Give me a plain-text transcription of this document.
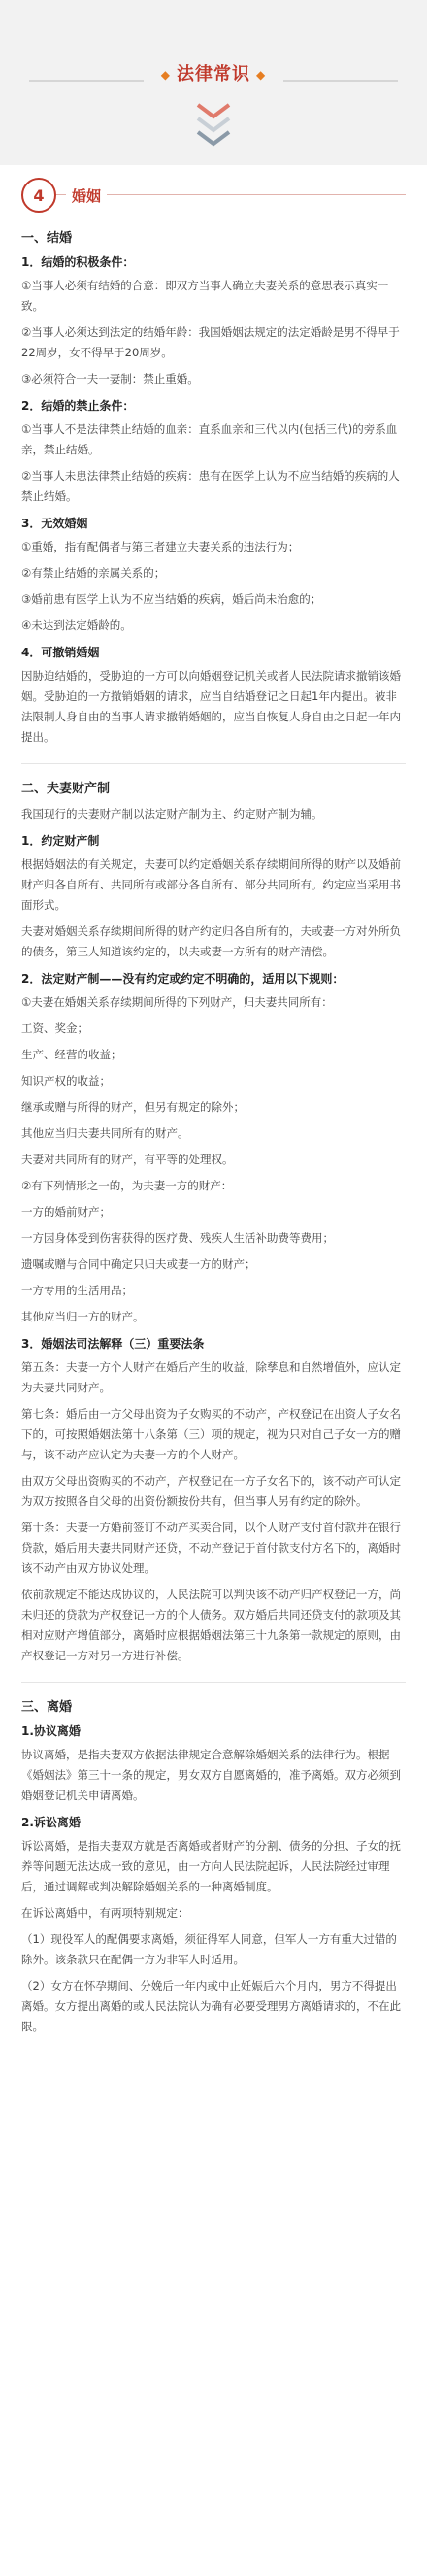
◆ 法律常识 ◆
4	婚姻
一、结婚
1．结婚的积极条件：

①当事人必须有结婚的合意：即双方当事人确立夫妻关系的意思表示真实一致。

②当事人必须达到法定的结婚年龄：我国婚姻法规定的法定婚龄是男不得早于22周岁，女不得早于20周岁。

③必须符合一夫一妻制：禁止重婚。

2．结婚的禁止条件：

①当事人不是法律禁止结婚的血亲：直系血亲和三代以内(包括三代)的旁系血亲，禁止结婚。

②当事人未患法律禁止结婚的疾病：患有在医学上认为不应当结婚的疾病的人禁止结婚。

3．无效婚姻

①重婚，指有配偶者与第三者建立夫妻关系的违法行为；

②有禁止结婚的亲属关系的；

③婚前患有医学上认为不应当结婚的疾病，婚后尚未治愈的；

④未达到法定婚龄的。

4．可撤销婚姻

因胁迫结婚的，受胁迫的一方可以向婚姻登记机关或者人民法院请求撤销该婚姻。受胁迫的一方撤销婚姻的请求，应当自结婚登记之日起1年内提出。被非法限制人身自由的当事人请求撤销婚姻的，应当自恢复人身自由之日起一年内提出。

二、夫妻财产制

我国现行的夫妻财产制以法定财产制为主、约定财产制为辅。

1．约定财产制

根据婚姻法的有关规定，夫妻可以约定婚姻关系存续期间所得的财产以及婚前财产归各自所有、共同所有或部分各自所有、部分共同所有。约定应当采用书面形式。

夫妻对婚姻关系存续期间所得的财产约定归各自所有的，夫或妻一方对外所负的债务，第三人知道该约定的，以夫或妻一方所有的财产清偿。

2．法定财产制——没有约定或约定不明确的，适用以下规则：

①夫妻在婚姻关系存续期间所得的下列财产，归夫妻共同所有：

工资、奖金；

生产、经营的收益；

知识产权的收益；

继承或赠与所得的财产，但另有规定的除外；

其他应当归夫妻共同所有的财产。

夫妻对共同所有的财产，有平等的处理权。

②有下列情形之一的，为夫妻一方的财产：

一方的婚前财产；

一方因身体受到伤害获得的医疗费、残疾人生活补助费等费用；

遗嘱或赠与合同中确定只归夫或妻一方的财产；

一方专用的生活用品；

其他应当归一方的财产。

3．婚姻法司法解释（三）重要法条

第五条：夫妻一方个人财产在婚后产生的收益，除孳息和自然增值外，应认定为夫妻共同财产。

第七条：婚后由一方父母出资为子女购买的不动产，产权登记在出资人子女名下的，可按照婚姻法第十八条第（三）项的规定，视为只对自己子女一方的赠与，该不动产应认定为夫妻一方的个人财产。

由双方父母出资购买的不动产，产权登记在一方子女名下的，该不动产可认定为双方按照各自父母的出资份额按份共有，但当事人另有约定的除外。

第十条：夫妻一方婚前签订不动产买卖合同，以个人财产支付首付款并在银行贷款，婚后用夫妻共同财产还贷，不动产登记于首付款支付方名下的，离婚时该不动产由双方协议处理。

依前款规定不能达成协议的，人民法院可以判决该不动产归产权登记一方，尚未归还的贷款为产权登记一方的个人债务。双方婚后共同还贷支付的款项及其相对应财产增值部分，离婚时应根据婚姻法第三十九条第一款规定的原则，由产权登记一方对另一方进行补偿。

三、离婚
1.协议离婚

协议离婚，是指夫妻双方依据法律规定合意解除婚姻关系的法律行为。根据《婚姻法》第三十一条的规定，男女双方自愿离婚的，准予离婚。双方必须到婚姻登记机关申请离婚。

2.诉讼离婚

诉讼离婚，是指夫妻双方就是否离婚或者财产的分割、债务的分担、子女的抚养等问题无法达成一致的意见，由一方向人民法院起诉，人民法院经过审理后，通过调解或判决解除婚姻关系的一种离婚制度。

在诉讼离婚中，有两项特别规定：

（1）现役军人的配偶要求离婚，须征得军人同意，但军人一方有重大过错的除外。该条款只在配偶一方为非军人时适用。

（2）女方在怀孕期间、分娩后一年内或中止妊娠后六个月内，男方不得提出离婚。女方提出离婚的或人民法院认为确有必要受理男方离婚请求的，不在此限。
